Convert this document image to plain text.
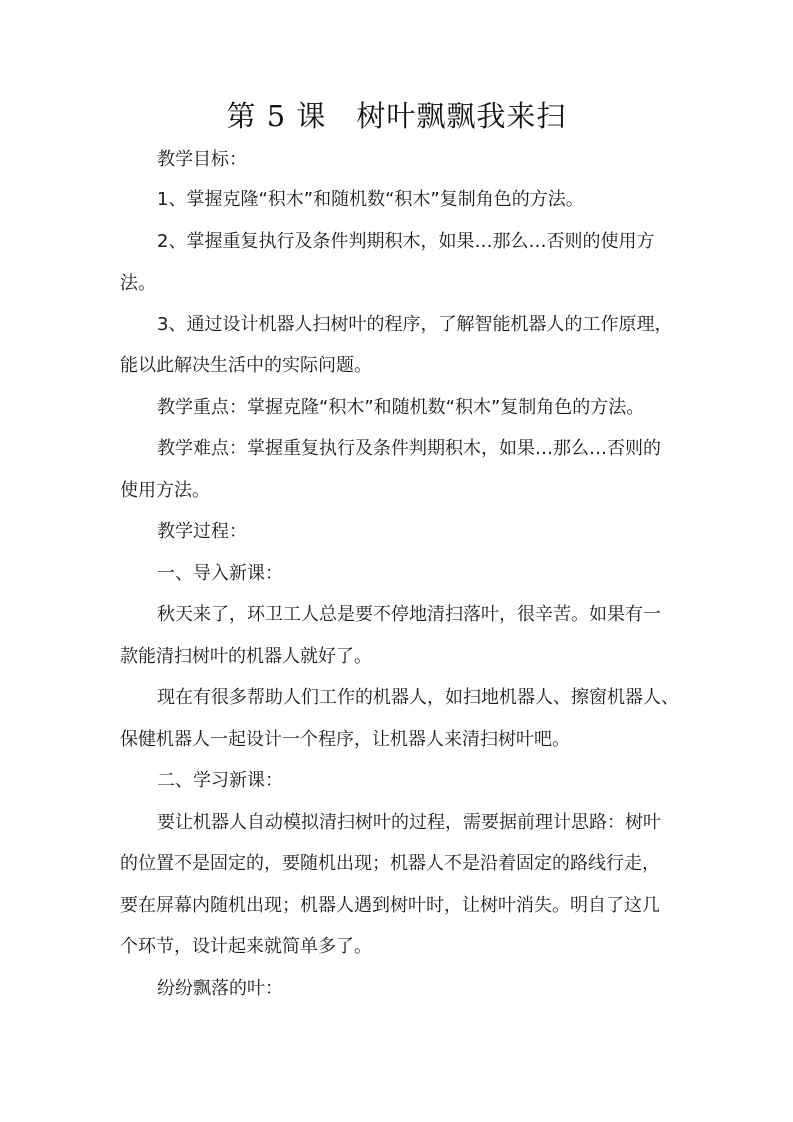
第 5 课　树叶飘飘我来扫
教学目标：
1、掌握克隆“积木”和随机数“积木”复制角色的方法。
2、掌握重复执行及条件判期积木，如果…那么…否则的使用方
法。
3、通过设计机器人扫树叶的程序，了解智能机器人的工作原理，
能以此解决生活中的实际问题。
教学重点：掌握克隆“积木”和随机数“积木”复制角色的方法。
教学难点：掌握重复执行及条件判期积木，如果…那么…否则的
使用方法。
教学过程：
一、导入新课：
秋天来了，环卫工人总是要不停地清扫落叶，很辛苦。如果有一
款能清扫树叶的机器人就好了。
现在有很多帮助人们工作的机器人，如扫地机器人、擦窗机器人、
保健机器人一起设计一个程序，让机器人来清扫树叶吧。
二、学习新课：
要让机器人自动模拟清扫树叶的过程，需要据前理计思路：树叶
的位置不是固定的，要随机出现；机器人不是沿着固定的路线行走，
要在屏幕内随机出现；机器人遇到树叶时，让树叶消失。明自了这几
个环节，设计起来就简单多了。
纷纷飘落的叶：
